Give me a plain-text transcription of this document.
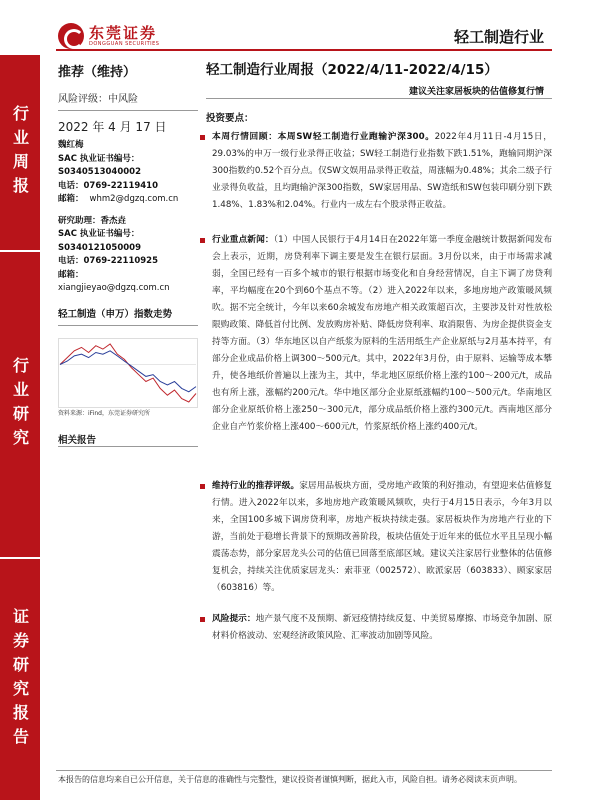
东莞证券
DONGGUAN SECURITIES	轻工制造行业
行业周报
行业研究
证券研究报告
推荐（维持）
风险评级：中风险
2022 年 4 月 17 日
魏红梅
SAC 执业证书编号：
S0340513040002
电话：0769-22119410
邮箱： whm2@dgzq.com.cn
研究助理：香杰垚
SAC 执业证书编号：
S0340121050009
电话：0769-22110925
邮箱：
xiangjieyao@dgzq.com.cn
轻工制造（申万）指数走势
资料来源：iFind，东莞证券研究所
相关报告
轻工制造行业周报（2022/4/11-2022/4/15）
建议关注家居板块的估值修复行情
投资要点：
本周行情回顾：本周SW轻工制造行业跑输沪深300。2022年4月11日-4月15日，29.03%的申万一级行业录得正收益；SW轻工制造行业指数下跌1.51%，跑输同期沪深300指数约0.52个百分点。仅SW文娱用品录得正收益，周涨幅为0.48%；其余二级子行业录得负收益，且均跑输沪深300指数，SW家居用品、SW造纸和SW包装印刷分别下跌1.48%、1.83%和2.04%。行业内一成左右个股录得正收益。
行业重点新闻：（1）中国人民银行于4月14日在2022年第一季度金融统计数据新闻发布会上表示，近期，房贷利率下调主要是发生在银行层面。3月份以来，由于市场需求减弱，全国已经有一百多个城市的银行根据市场变化和自身经营情况，自主下调了房贷利率，平均幅度在20个到60个基点不等。（2）进入2022年以来，多地房地产政策暖风频吹。据不完全统计，今年以来60余城发布房地产相关政策超百次，主要涉及针对性放松限购政策、降低首付比例、发放购房补贴、降低房贷利率、取消限售、为房企提供资金支持等方面。（3）华东地区以自产纸浆为原料的生活用纸生产企业原纸与2月基本持平，有部分企业成品价格上调300～500元/t。其中，2022年3月份，由于原料、运输等成本攀升，使各地纸价普遍以上涨为主，其中，华北地区原纸价格上涨约100～200元/t，成品也有所上涨，涨幅约200元/t。华中地区部分企业原纸涨幅约100～500元/t。华南地区部分企业原纸价格上涨250～300元/t，部分成品纸价格上涨约300元/t。西南地区部分企业自产竹浆价格上涨400～600元/t，竹浆原纸价格上涨约400元/t。
维持行业的推荐评级。家居用品板块方面，受房地产政策的利好推动，有望迎来估值修复行情。进入2022年以来，多地房地产政策暖风频吹，央行于4月15日表示，今年3月以来，全国100多城下调房贷利率，房地产板块持续走强。家居板块作为房地产行业的下游，当前处于稳增长背景下的预期改善阶段，板块估值处于近年来的低位水平且呈现小幅震荡态势，部分家居龙头公司的估值已回落至底部区域。建议关注家居行业整体的估值修复机会，持续关注优质家居龙头：索菲亚（002572）、欧派家居（603833）、顾家家居（603816）等。
风险提示：地产景气度不及预期、新冠疫情持续反复、中美贸易摩擦、市场竞争加剧、原材料价格波动、宏观经济政策风险、汇率波动加剧等风险。
本报告的信息均来自已公开信息，关于信息的准确性与完整性，建议投资者谨慎判断，据此入市，风险自担。请务必阅读末页声明。
